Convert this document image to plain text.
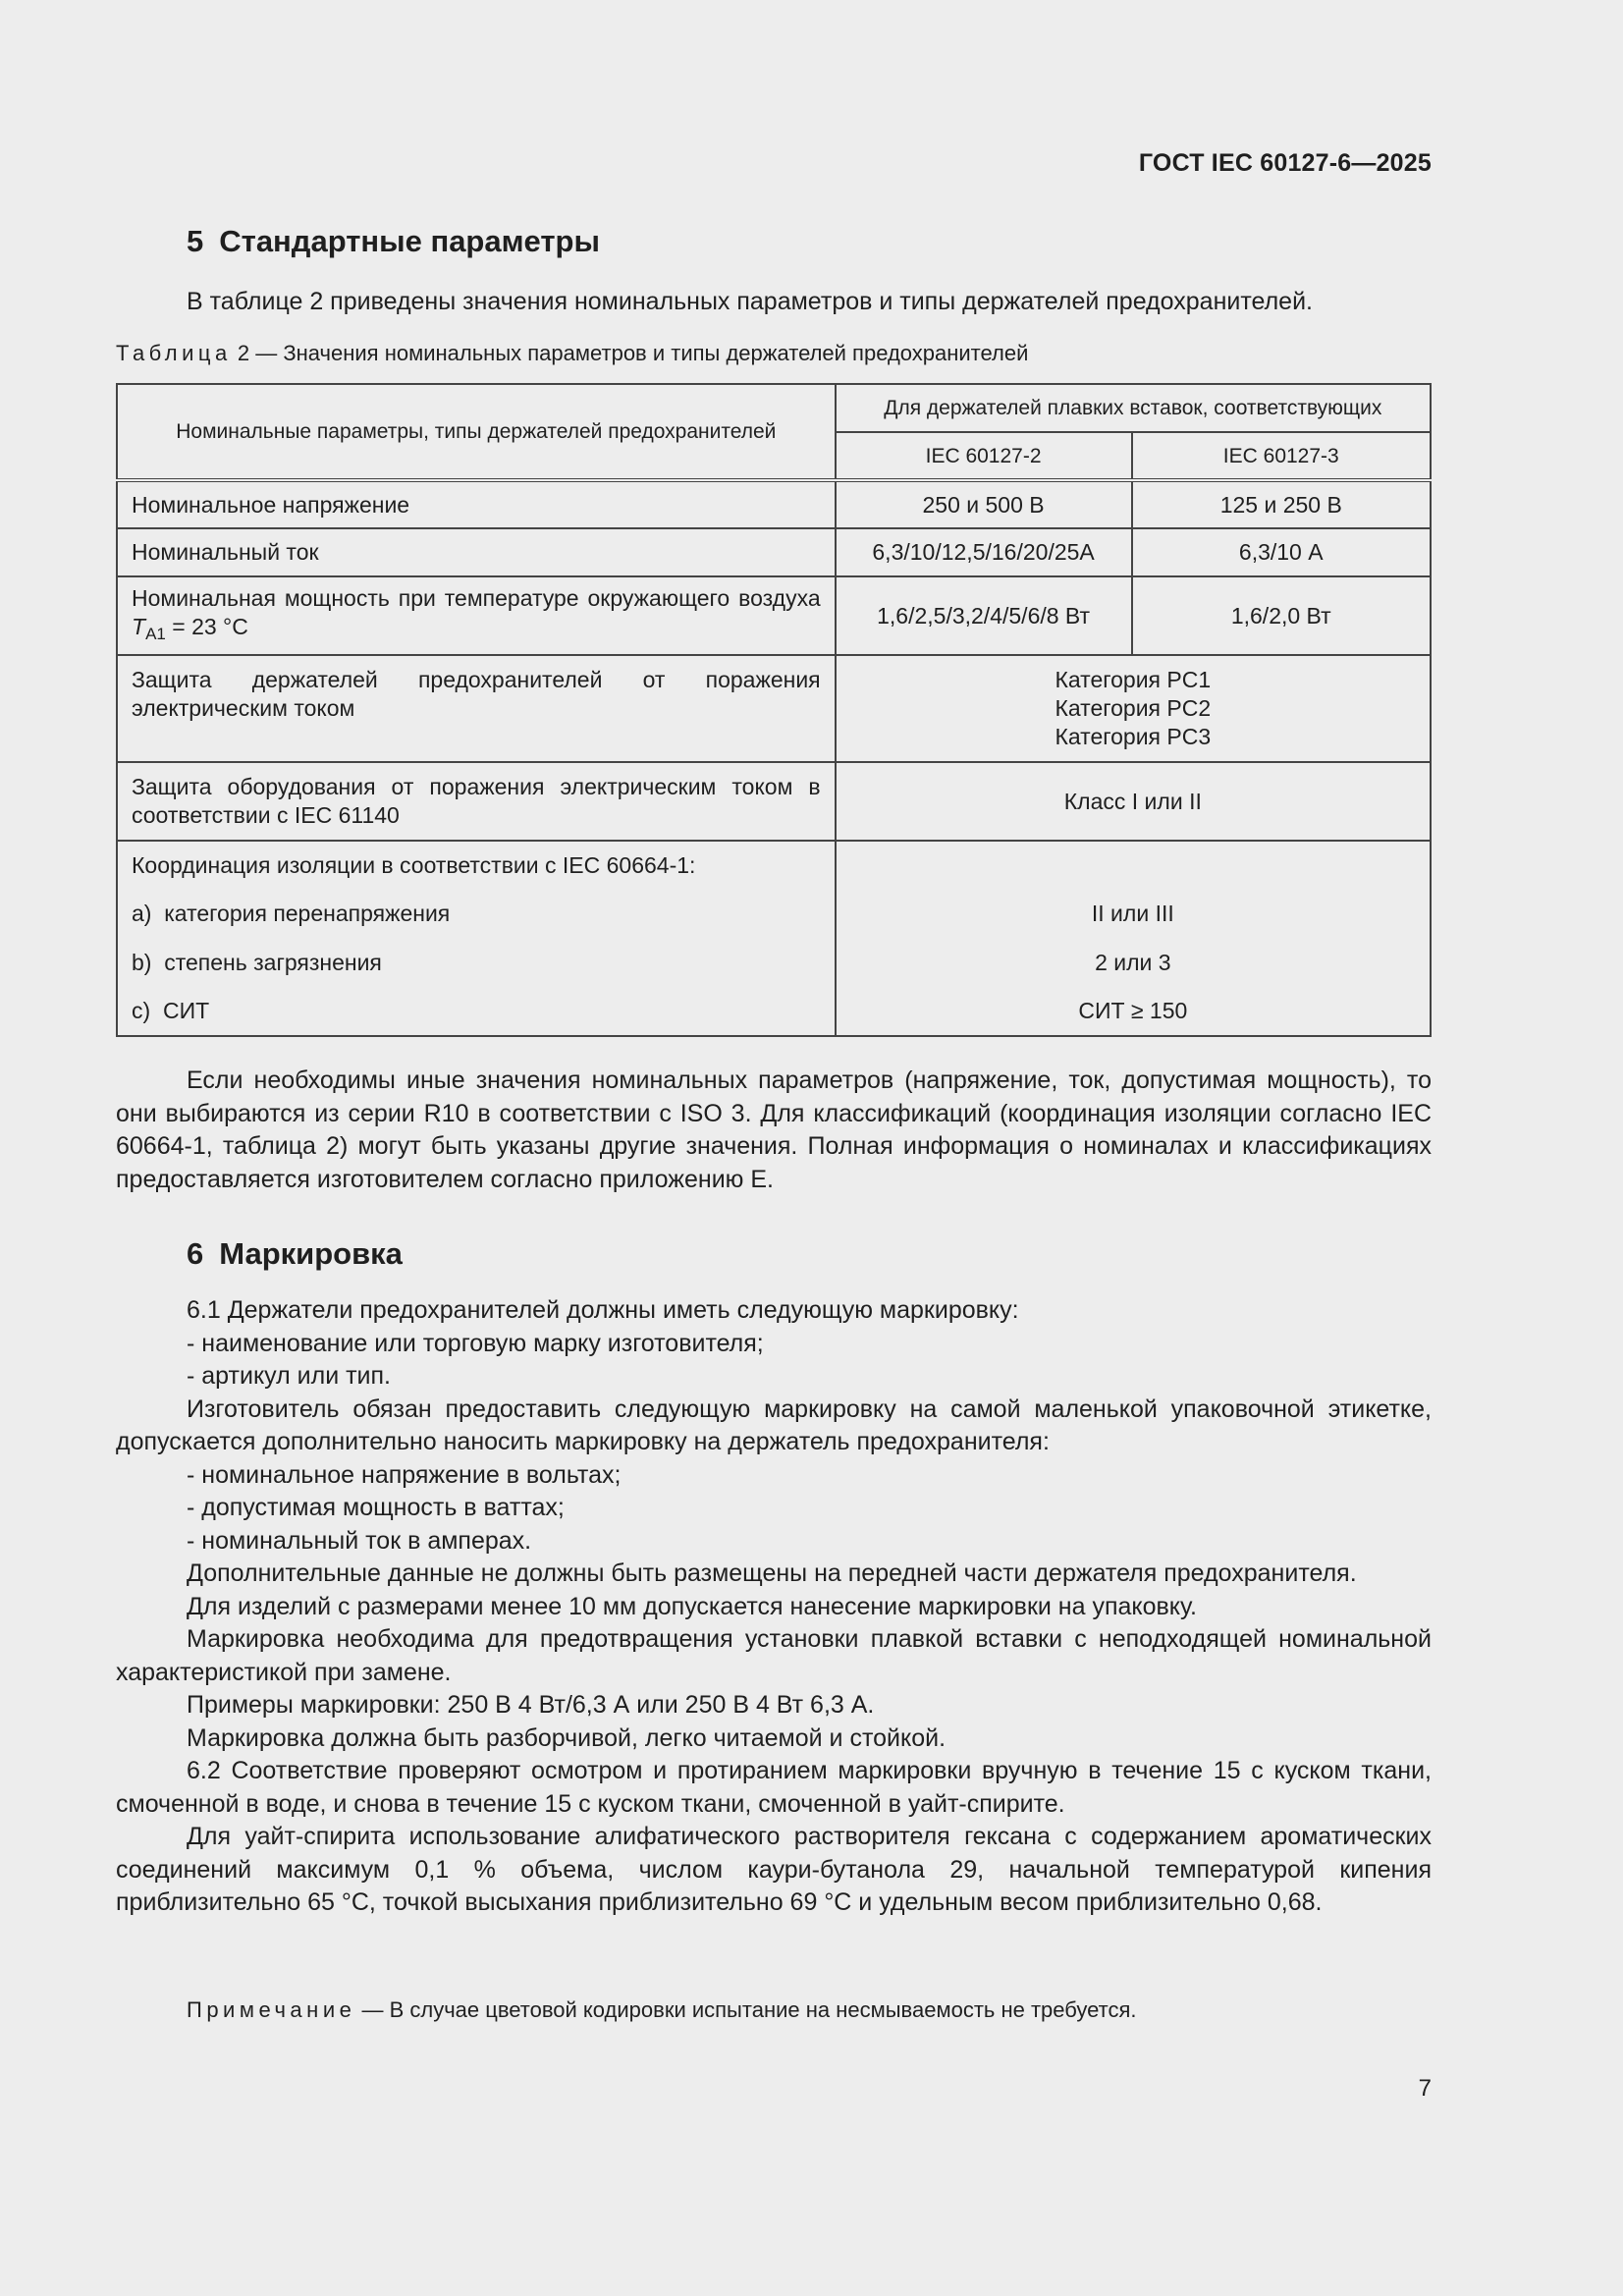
ГОСТ IEC 60127-6—2025
5 Стандартные параметры
В таблице 2 приведены значения номинальных параметров и типы держателей предохранителей.
Таблица 2 — Значения номинальных параметров и типы держателей предохранителей
Номинальные параметры, типы держателей предохранителей	Для держателей плавких вставок, соответствующих	
	IEC 60127-2	IEC 60127-3
Номинальное напряжение	250 и 500 В	125 и 250 В
Номинальный ток	6,3/10/12,5/16/20/25А	6,3/10 А
Номинальная мощность при температуре окружающего воздуха $T_{A1} = 23$ °C	1,6/2,5/3,2/4/5/6/8 Вт	1,6/2,0 Вт
Защита держателей предохранителей от поражения электрическим током	Категория PC1
Категория PC2
Категория PC3	

Защита оборудования от поражения электрическим током в соответствии с IEC 61140	Класс I или II	
Координация изоляции в соответствии с IEC 60664-1:		
a) категория перенапряжения	II или III	
b) степень загрязнения	2 или 3	
c) CИТ	CИТ ≥ 150	
Если необходимы иные значения номинальных параметров (напряжение, ток, допустимая мощность), то они выбираются из серии R10 в соответствии с ISO 3. Для классификаций (координация изоляции согласно IEC 60664-1, таблица 2) могут быть указаны другие значения. Полная информация о номиналах и классификациях предоставляется изготовителем согласно приложению E.
6 Маркировка
6.1 Держатели предохранителей должны иметь следующую маркировку:
- наименование или торговую марку изготовителя;
- артикул или тип.
Изготовитель обязан предоставить следующую маркировку на самой маленькой упаковочной этикетке, допускается дополнительно наносить маркировку на держатель предохранителя:
- номинальное напряжение в вольтах;
- допустимая мощность в ваттах;
- номинальный ток в амперах.
Дополнительные данные не должны быть размещены на передней части держателя предохранителя.
Для изделий с размерами менее 10 мм допускается нанесение маркировки на упаковку.
Маркировка необходима для предотвращения установки плавкой вставки с неподходящей номинальной характеристикой при замене.
Примеры маркировки: 250 В 4 Вт/6,3 А или 250 В 4 Вт 6,3 А.
Маркировка должна быть разборчивой, легко читаемой и стойкой.
6.2 Соответствие проверяют осмотром и протиранием маркировки вручную в течение 15 с куском ткани, смоченной в воде, и снова в течение 15 с куском ткани, смоченной в уайт-спирите.
Для уайт-спирита использование алифатического растворителя гексана с содержанием ароматических соединений максимум 0,1 % объема, числом каури-бутанола 29, начальной температурой кипения приблизительно 65 °C, точкой высыхания приблизительно 69 °C и удельным весом приблизительно 0,68.
Примечание — В случае цветовой кодировки испытание на несмываемость не требуется.
7
